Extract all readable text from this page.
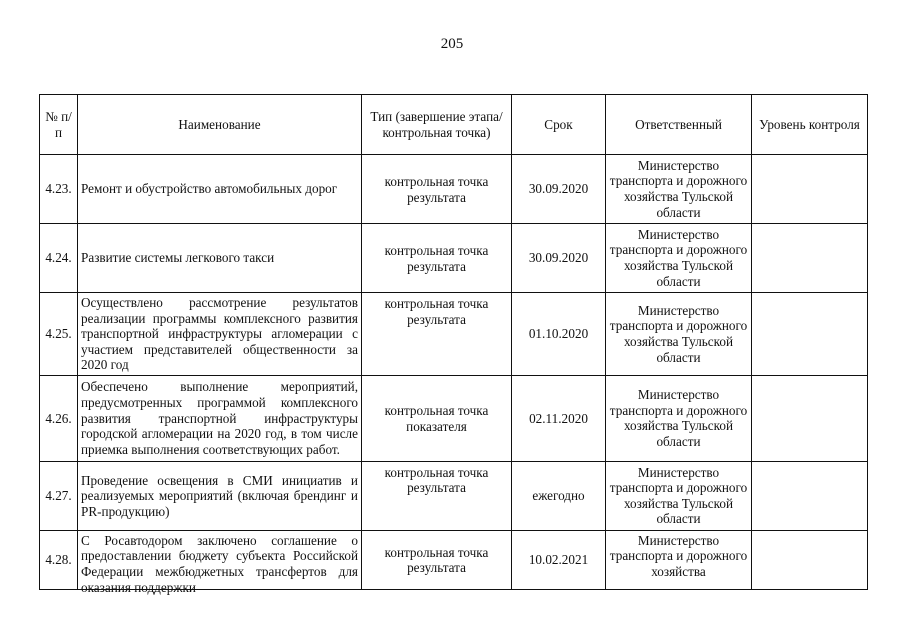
205
№ п/п	Наименование	Тип (завершение этапа/контрольная точка)	Срок	Ответственный	Уровень контроля
4.23.	Ремонт и обустройство автомобильных дорог	контрольная точка результата	30.09.2020	Министерство транспорта и дорожного хозяйства Тульской области	
4.24.	Развитие системы легкового такси	контрольная точка результата	30.09.2020	Министерство транспорта и дорожного хозяйства Тульской области	
4.25.	Осуществлено рассмотрение результатов реализации программы комплексного развития транспортной инфраструктуры агломерации с участием представителей общественности за 2020 год	контрольная точка результата	01.10.2020	Министерство транспорта и дорожного хозяйства Тульской области	
4.26.	Обеспечено выполнение мероприятий, предусмотренных программой комплексного развития транспортной инфраструктуры городской агломерации на 2020 год, в том числе приемка выполнения соответствующих работ.	контрольная точка показателя	02.11.2020	Министерство транспорта и дорожного хозяйства Тульской области	
4.27.	Проведение освещения в СМИ инициатив и реализуемых мероприятий (включая брендинг и PR-продукцию)	контрольная точка результата	ежегодно	Министерство транспорта и дорожного хозяйства Тульской области	
4.28.	С Росавтодором заключено соглашение о предоставлении бюджету субъекта Российской Федерации межбюджетных трансфертов для оказания поддержки	контрольная точка результата	10.02.2021	Министерство транспорта и дорожного хозяйства	
